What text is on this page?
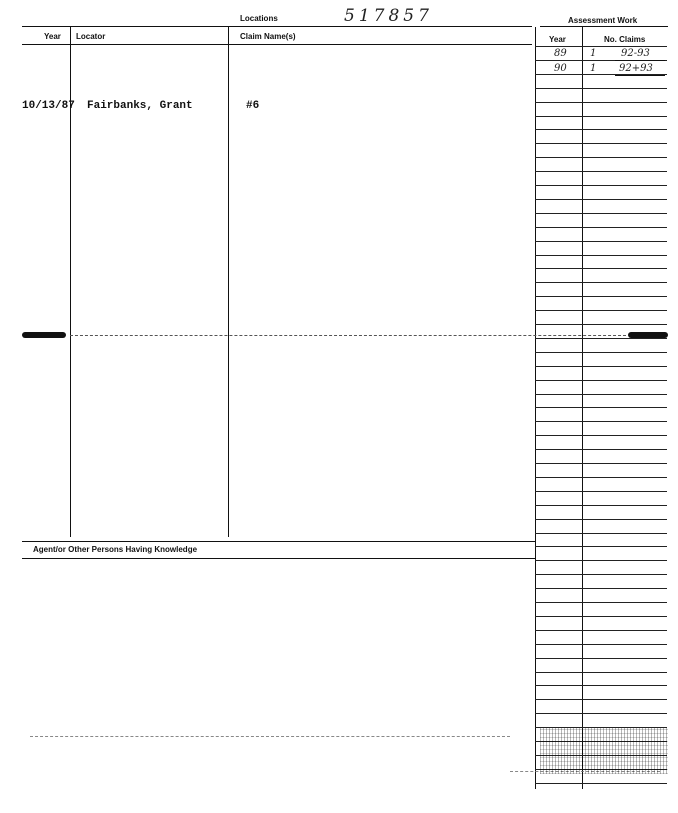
Locations	517857	Assessment Work
Year Locator	Claim Name(s)	Year	No. Claims
10/13/87 Fairbanks, Grant	#6
89 1 92-93
90 1 92+93
Agent/or Other Persons Having Knowledge
